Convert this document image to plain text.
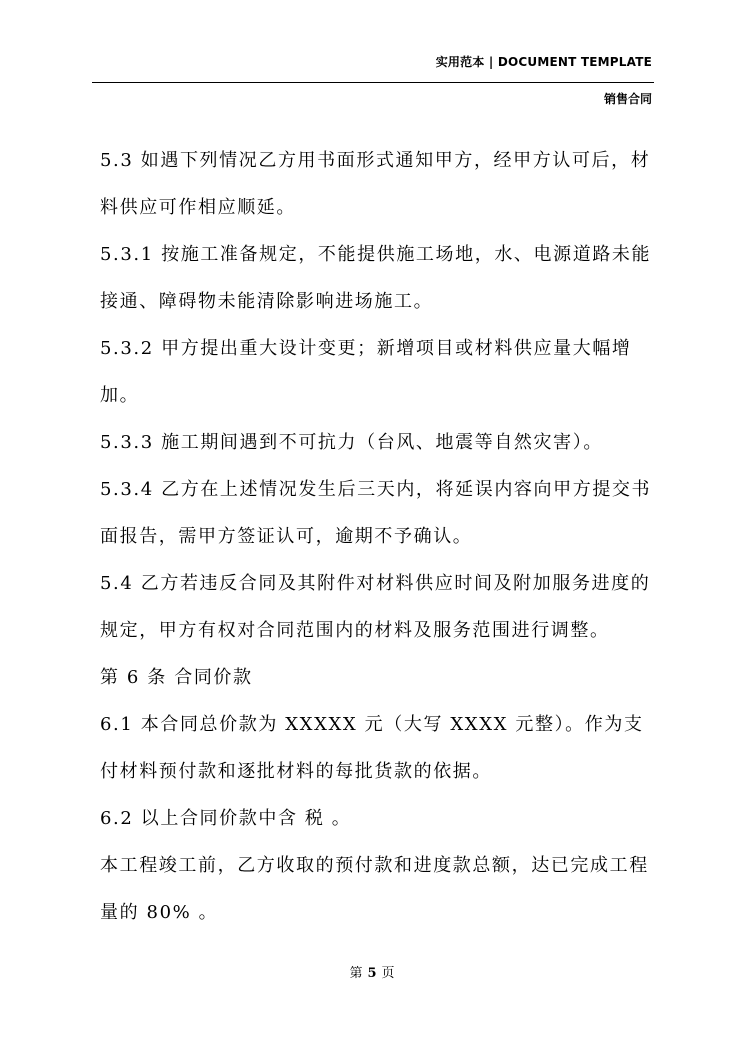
实用范本 | DOCUMENT TEMPLATE
销售合同

5.3 如遇下列情况乙方用书面形式通知甲方，经甲方认可后，材料供应可作相应顺延。

5.3.1 按施工准备规定，不能提供施工场地，水、电源道路未能接通、障碍物未能清除影响进场施工。

5.3.2 甲方提出重大设计变更；新增项目或材料供应量大幅增加。

5.3.3 施工期间遇到不可抗力（台风、地震等自然灾害）。

5.3.4 乙方在上述情况发生后三天内，将延误内容向甲方提交书面报告，需甲方签证认可，逾期不予确认。

5.4 乙方若违反合同及其附件对材料供应时间及附加服务进度的规定，甲方有权对合同范围内的材料及服务范围进行调整。

第 6 条 合同价款

6.1 本合同总价款为 XXXXX 元（大写 XXXX 元整）。作为支付材料预付款和逐批材料的每批货款的依据。

6.2 以上合同价款中含 税 。

本工程竣工前，乙方收取的预付款和进度款总额，达已完成工程量的 80% 。

第 5 页
